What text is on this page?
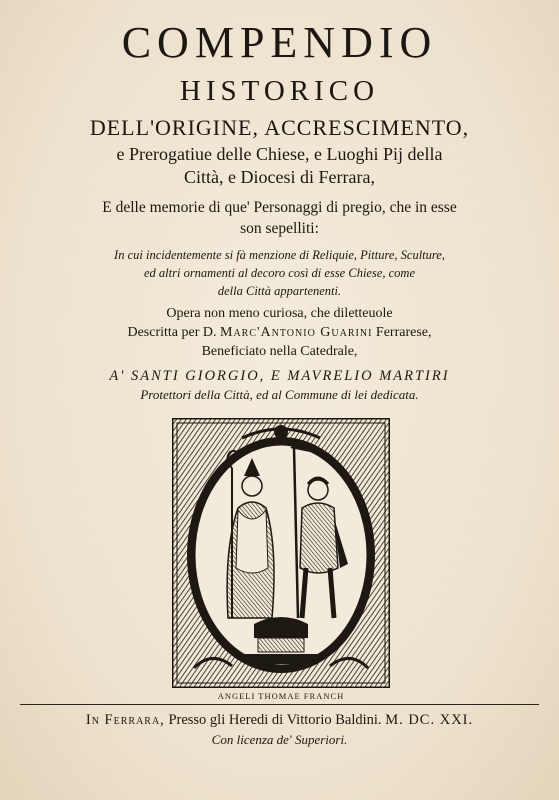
COMPENDIO
HISTORICO
DELL'ORIGINE, ACCRESCIMENTO,
e Prerogatiue delle Chiese, e Luoghi Pij della
Città, e Diocesi di Ferrara,
E delle memorie di que' Personaggi di pregio, che in esse
son sepelliti:
In cui incidentemente si fà menzione di Reliquie, Pitture, Sculture,
ed altri ornamenti al decoro così di esse Chiese, come
della Città appartenenti.
Opera non meno curiosa, che diletteuole
Descritta per D. Marc'Antonio Guarini Ferrarese,
Beneficiato nella Catedrale,
A' SANTI GIORGIO, E MAVRELIO MARTIRI
Protettori della Città, ed al Commune di lei dedicata.
ANGELI THOMAE FRANCH
In Ferrara, Presso gli Heredi di Vittorio Baldini. M. DC. XXI.
Con licenza de' Superiori.
